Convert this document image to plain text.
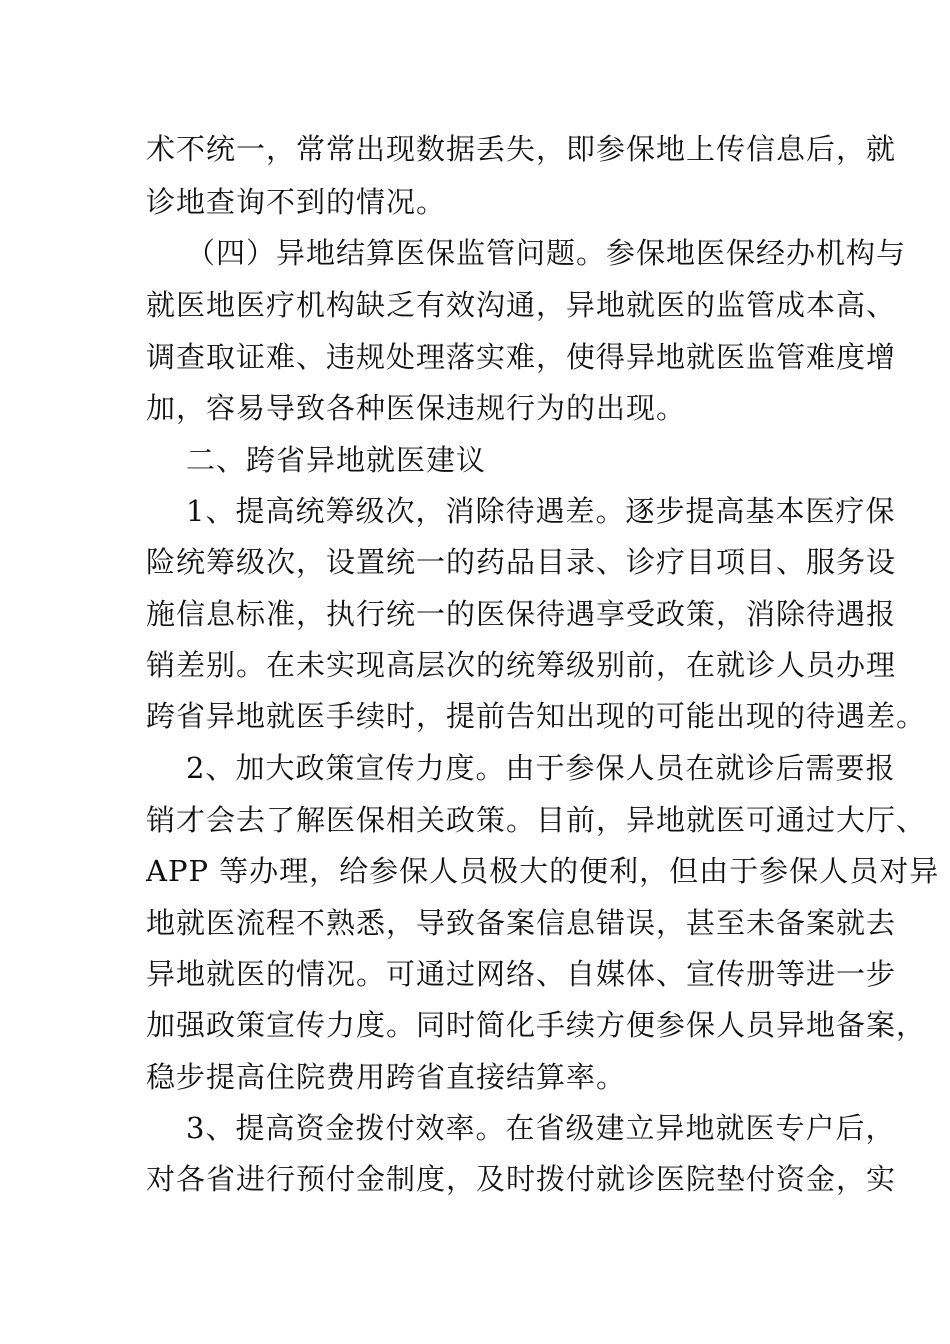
术不统一，常常出现数据丢失，即参保地上传信息后，就
诊地查询不到的情况。
（四）异地结算医保监管问题。参保地医保经办机构与
就医地医疗机构缺乏有效沟通，异地就医的监管成本高、
调查取证难、违规处理落实难，使得异地就医监管难度增
加，容易导致各种医保违规行为的出现。
二、跨省异地就医建议
1、提高统筹级次，消除待遇差。逐步提高基本医疗保
险统筹级次，设置统一的药品目录、诊疗目项目、服务设
施信息标准，执行统一的医保待遇享受政策，消除待遇报
销差别。在未实现高层次的统筹级别前，在就诊人员办理
跨省异地就医手续时，提前告知出现的可能出现的待遇差。
2、加大政策宣传力度。由于参保人员在就诊后需要报
销才会去了解医保相关政策。目前，异地就医可通过大厅、
APP 等办理，给参保人员极大的便利，但由于参保人员对异
地就医流程不熟悉，导致备案信息错误，甚至未备案就去
异地就医的情况。可通过网络、自媒体、宣传册等进一步
加强政策宣传力度。同时简化手续方便参保人员异地备案，
稳步提高住院费用跨省直接结算率。
3、提高资金拨付效率。在省级建立异地就医专户后，
对各省进行预付金制度，及时拨付就诊医院垫付资金，实
